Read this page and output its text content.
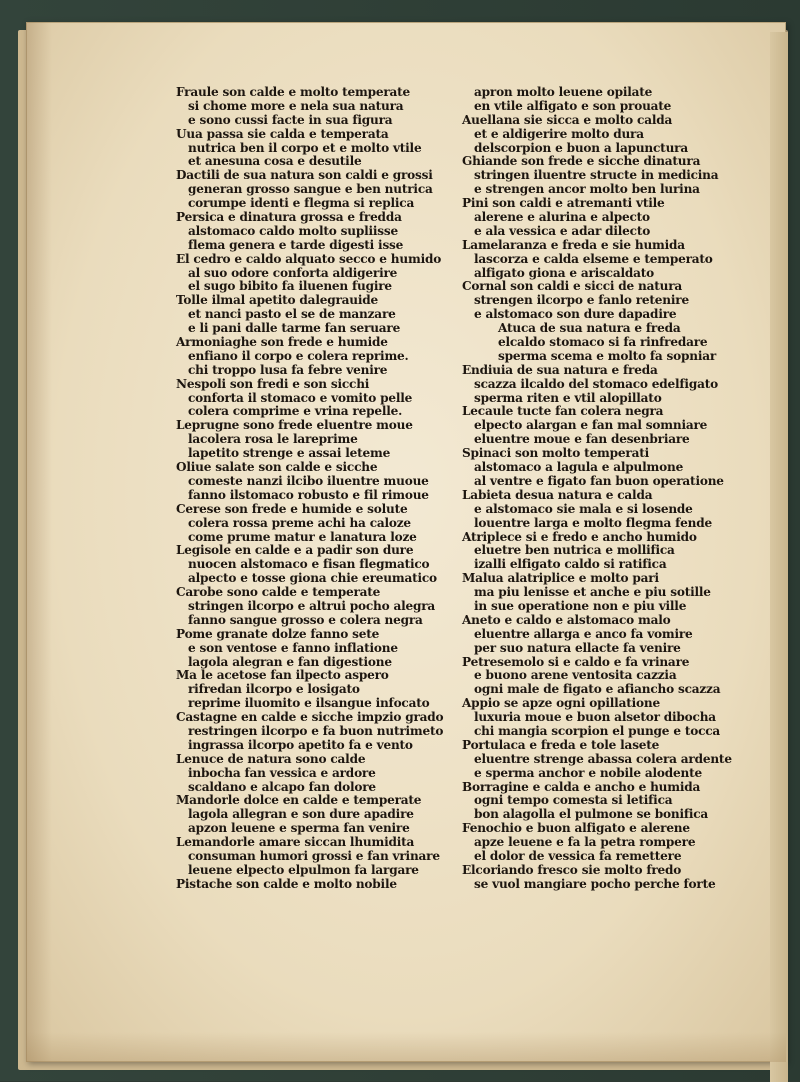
Fraule son calde e molto temperate
si chome more e nela sua natura
e sono cussi facte in sua figura
Uua passa sie calda e temperata
nutrica ben il corpo et e molto vtile
et anesuna cosa e desutile
Dactili de sua natura son caldi e grossi
generan grosso sangue e ben nutrica
corumpe identi e flegma si replica
Persica e dinatura grossa e fredda
alstomaco caldo molto supliisse
flema genera e tarde digesti isse
El cedro e caldo alquato secco e humido
al suo odore conforta aldigerire
el sugo bibito fa iluenen fugire
Tolle ilmal apetito dalegrauide
et nanci pasto el se de manzare
e li pani dalle tarme fan seruare
Armoniaghe son frede e humide
enfiano il corpo e colera reprime.
chi troppo lusa fa febre venire
Nespoli son fredi e son sicchi
conforta il stomaco e vomito pelle
colera comprime e vrina repelle.
Leprugne sono frede eluentre moue
lacolera rosa le lareprime
lapetito strenge e assai leteme
Oliue salate son calde e sicche
comeste nanzi ilcibo iluentre muoue
fanno ilstomaco robusto e fil rimoue
Cerese son frede e humide e solute
colera rossa preme achi ha caloze
come prume matur e lanatura loze
Legisole en calde e a padir son dure
nuocen alstomaco e fisan flegmatico
alpecto e tosse giona chie ereumatico
Carobe sono calde e temperate
stringen ilcorpo e altrui pocho alegra
fanno sangue grosso e colera negra
Pome granate dolze fanno sete
e son ventose e fanno inflatione
lagola alegran e fan digestione
Ma le acetose fan ilpecto aspero
rifredan ilcorpo e losigato
reprime iluomito e ilsangue infocato
Castagne en calde e sicche impzio grado
restringen ilcorpo e fa buon nutrimeto
ingrassa ilcorpo apetito fa e vento
Lenuce de natura sono calde
inbocha fan vessica e ardore
scaldano e alcapo fan dolore
Mandorle dolce en calde e temperate
lagola allegran e son dure apadire
apzon leuene e sperma fan venire
Lemandorle amare siccan lhumidita
consuman humori grossi e fan vrinare
leuene elpecto elpulmon fa largare
Pistache son calde e molto nobile
apron molto leuene opilate
en vtile alfigato e son prouate
Auellana sie sicca e molto calda
et e aldigerire molto dura
delscorpion e buon a lapunctura
Ghiande son frede e sicche dinatura
stringen iluentre structe in medicina
e strengen ancor molto ben lurina
Pini son caldi e atremanti vtile
alerene e alurina e alpecto
e ala vessica e adar dilecto
Lamelaranza e freda e sie humida
lascorza e calda elseme e temperato
alfigato giona e ariscaldato
Cornal son caldi e sicci de natura
strengen ilcorpo e fanlo retenire
e alstomaco son dure dapadire
Atuca de sua natura e freda
elcaldo stomaco si fa rinfredare
sperma scema e molto fa sopniar
Endiuia de sua natura e freda
scazza ilcaldo del stomaco edelfigato
sperma riten e vtil alopillato
Lecaule tucte fan colera negra
elpecto alargan e fan mal somniare
eluentre moue e fan desenbriare
Spinaci son molto temperati
alstomaco a lagula e alpulmone
al ventre e figato fan buon operatione
Labieta desua natura e calda
e alstomaco sie mala e si losende
louentre larga e molto flegma fende
Atriplece si e fredo e ancho humido
eluetre ben nutrica e mollifica
izalli elfigato caldo si ratifica
Malua alatriplice e molto pari
ma piu lenisse et anche e piu sotille
in sue operatione non e piu ville
Aneto e caldo e alstomaco malo
eluentre allarga e anco fa vomire
per suo natura ellacte fa venire
Petresemolo si e caldo e fa vrinare
e buono arene ventosita cazzia
ogni male de figato e afiancho scazza
Appio se apze ogni opillatione
luxuria moue e buon alsetor dibocha
chi mangia scorpion el punge e tocca
Portulaca e freda e tole lasete
eluentre strenge abassa colera ardente
e sperma anchor e nobile alodente
Borragine e calda e ancho e humida
ogni tempo comesta si letifica
bon alagolla el pulmone se bonifica
Fenochio e buon alfigato e alerene
apze leuene e fa la petra rompere
el dolor de vessica fa remettere
Elcoriando fresco sie molto fredo
se vuol mangiare pocho perche forte
